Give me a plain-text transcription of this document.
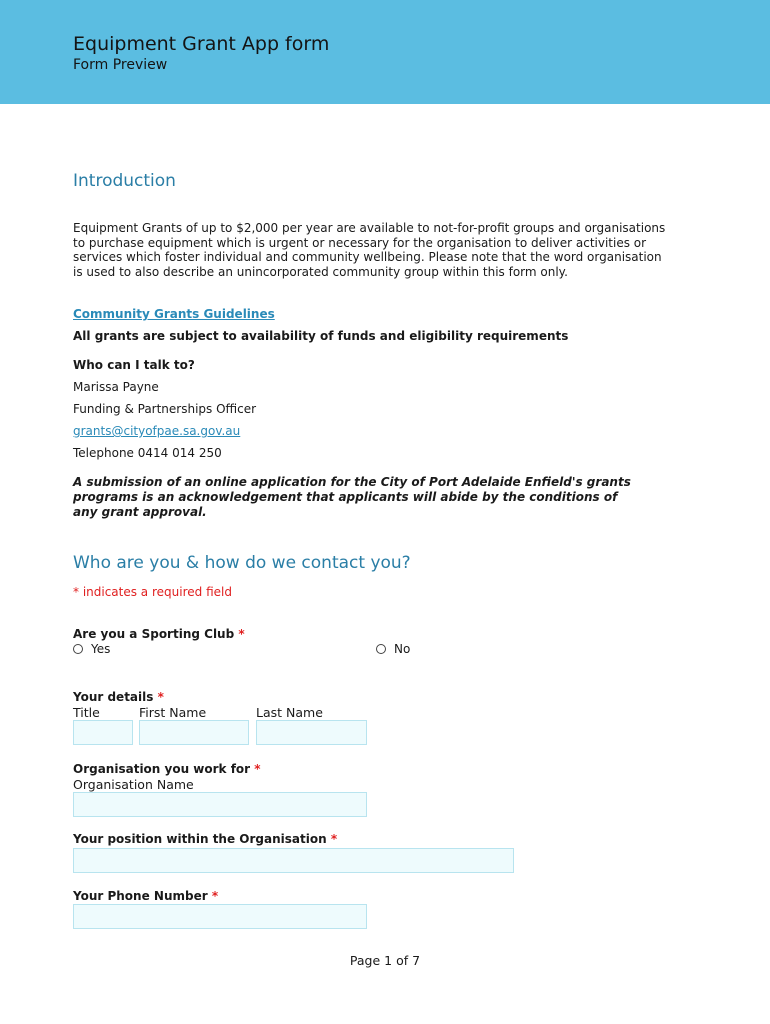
Equipment Grant App form
Form Preview
Introduction
Equipment Grants of up to $2,000 per year are available to not-for-profit groups and organisations to purchase equipment which is urgent or necessary for the organisation to deliver activities or services which foster individual and community wellbeing. Please note that the word organisation is used to also describe an unincorporated community group within this form only.
Community Grants Guidelines
All grants are subject to availability of funds and eligibility requirements
Who can I talk to?
Marissa Payne
Funding & Partnerships Officer
grants@cityofpae.sa.gov.au
Telephone 0414 014 250
A submission of an online application for the City of Port Adelaide Enfield's grants programs is an acknowledgement that applicants will abide by the conditions of any grant approval.
Who are you & how do we contact you?
* indicates a required field
Are you a Sporting Club *
Yes	No
Your details *
Title	First Name	Last Name
Organisation you work for *
Organisation Name
Your position within the Organisation *
Your Phone Number *
Page 1 of 7
